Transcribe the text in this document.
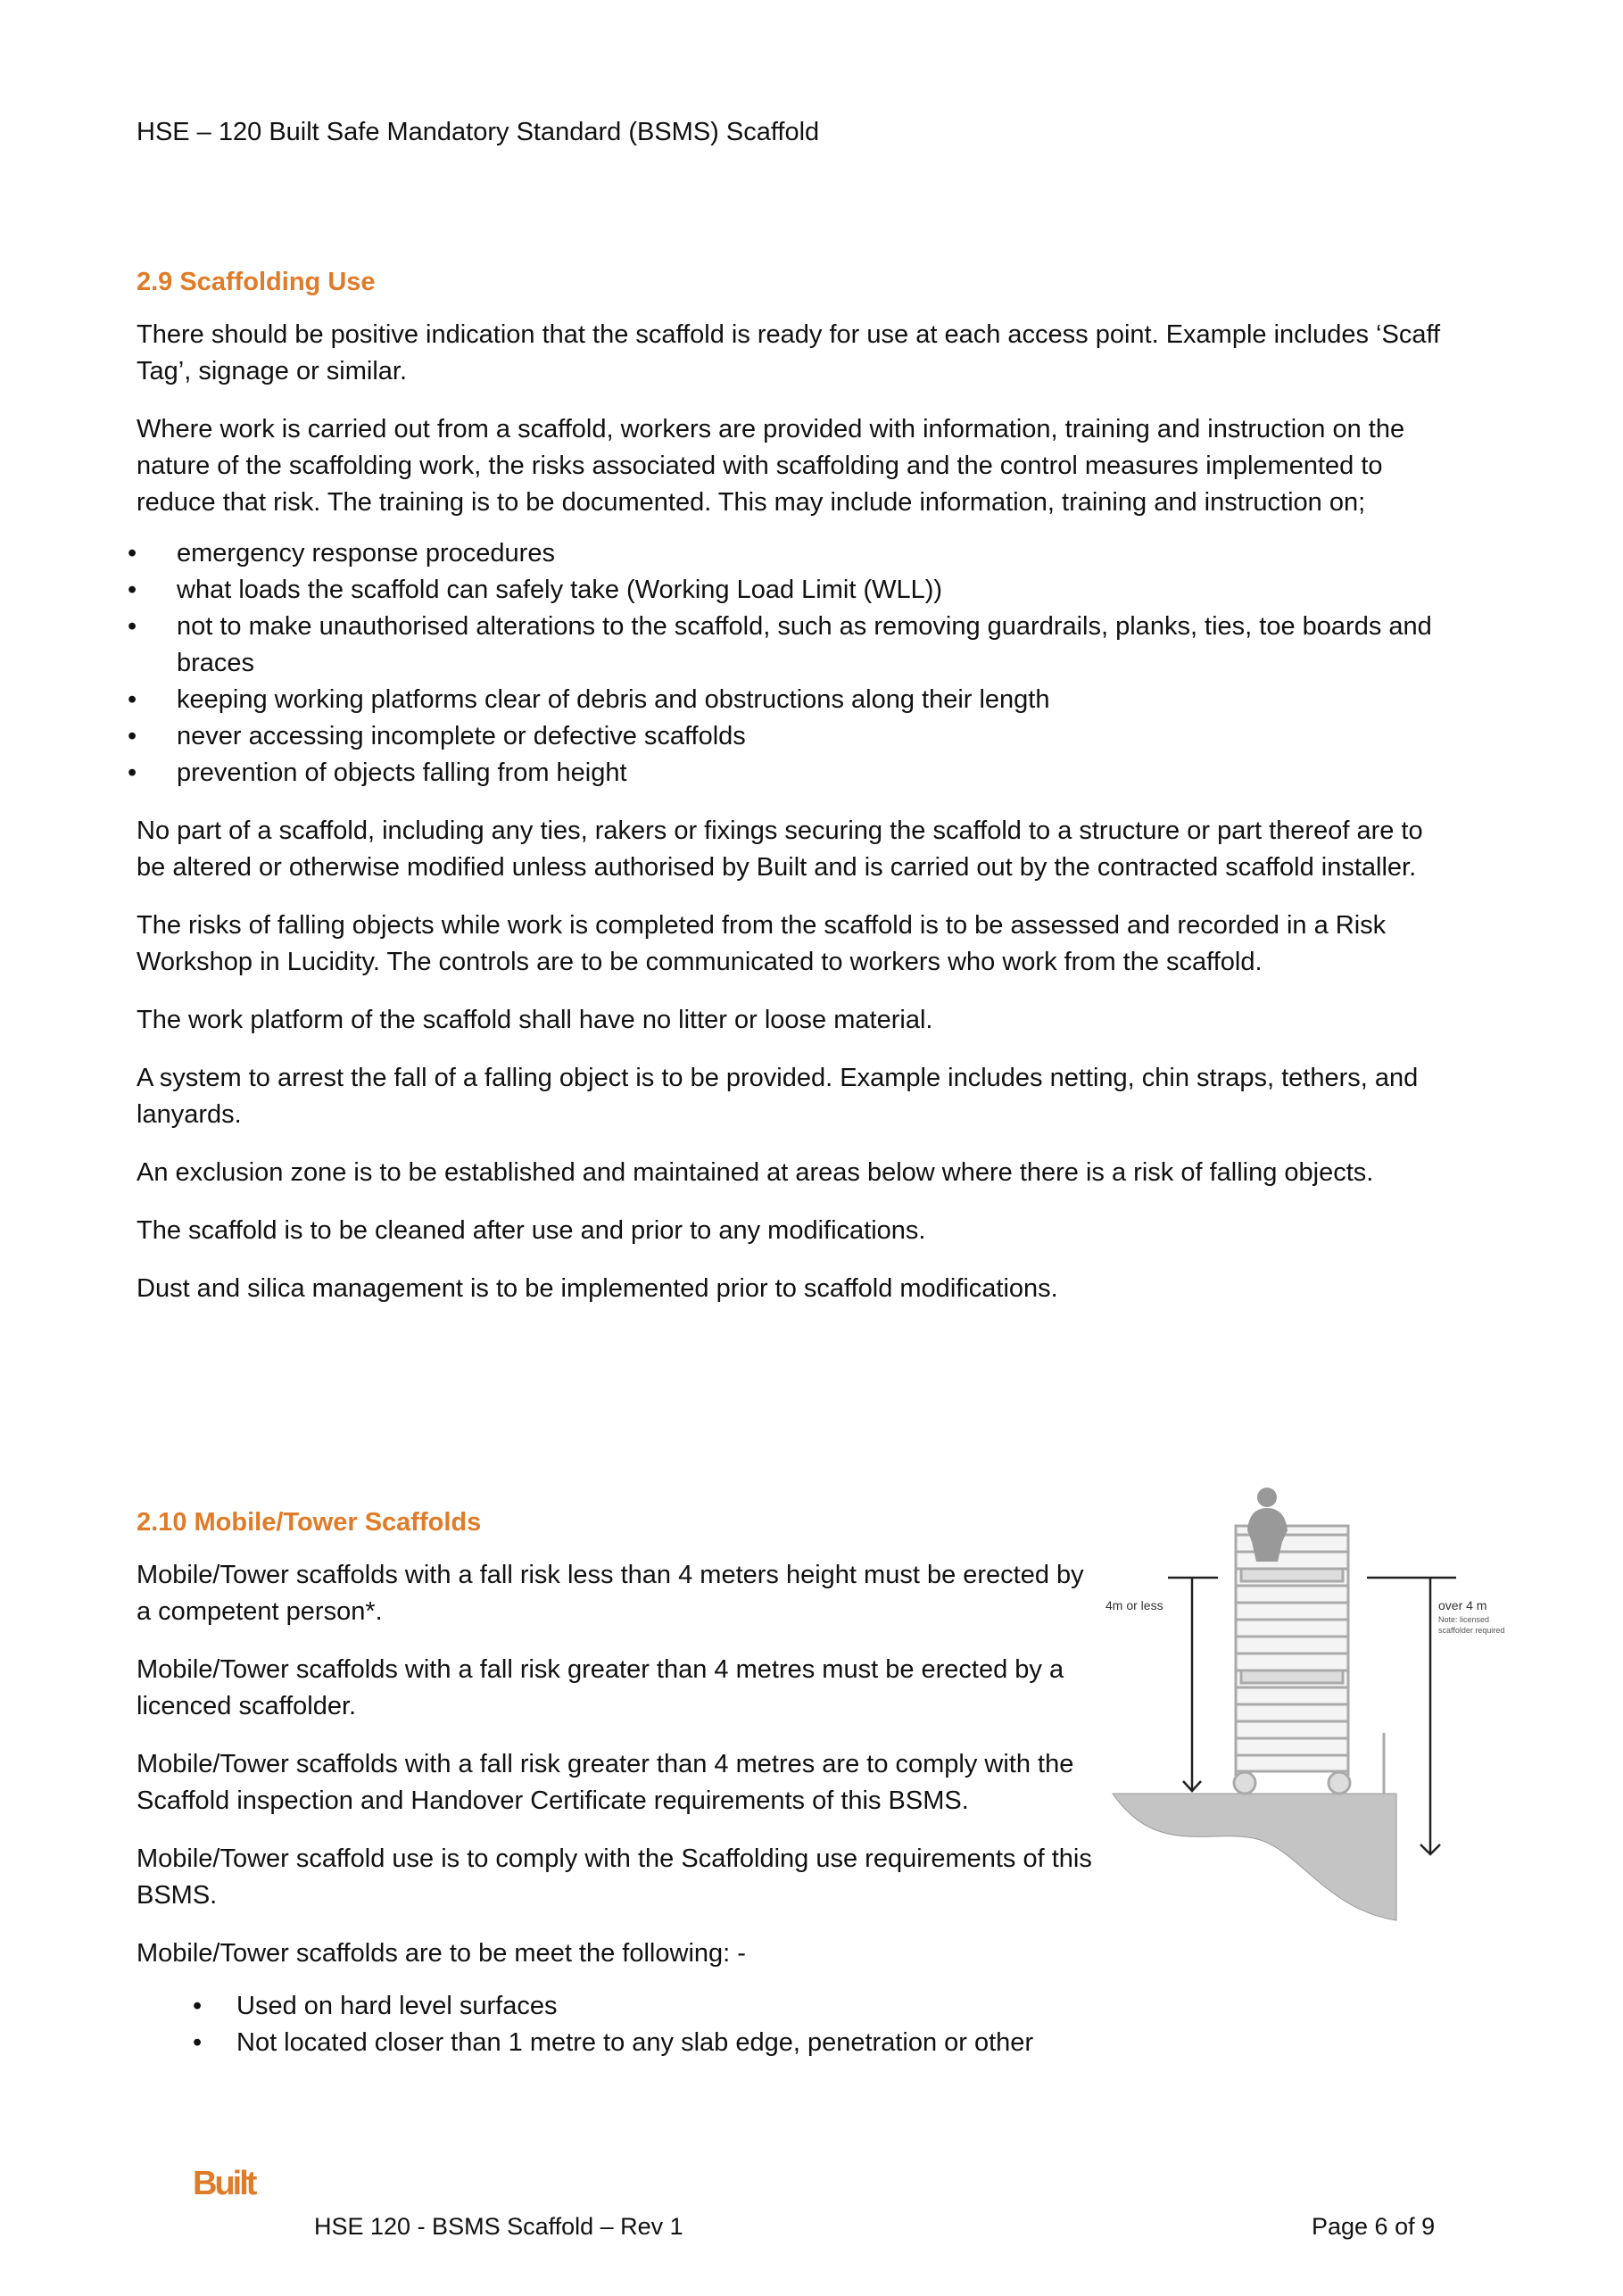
HSE – 120 Built Safe Mandatory Standard (BSMS) Scaffold
2.9 Scaffolding Use

There should be positive indication that the scaffold is ready for use at each access point. Example includes ‘Scaff Tag’, signage or similar.

Where work is carried out from a scaffold, workers are provided with information, training and instruction on the nature of the scaffolding work, the risks associated with scaffolding and the control measures implemented to reduce that risk. The training is to be documented. This may include information, training and instruction on;

• emergency response procedures
• what loads the scaffold can safely take (Working Load Limit (WLL))
• not to make unauthorised alterations to the scaffold, such as removing guardrails, planks, ties, toe boards and braces
• keeping working platforms clear of debris and obstructions along their length
• never accessing incomplete or defective scaffolds
• prevention of objects falling from height

No part of a scaffold, including any ties, rakers or fixings securing the scaffold to a structure or part thereof are to be altered or otherwise modified unless authorised by Built and is carried out by the contracted scaffold installer.

The risks of falling objects while work is completed from the scaffold is to be assessed and recorded in a Risk Workshop in Lucidity. The controls are to be communicated to workers who work from the scaffold.

The work platform of the scaffold shall have no litter or loose material.

A system to arrest the fall of a falling object is to be provided. Example includes netting, chin straps, tethers, and lanyards.

An exclusion zone is to be established and maintained at areas below where there is a risk of falling objects.

The scaffold is to be cleaned after use and prior to any modifications.

Dust and silica management is to be implemented prior to scaffold modifications.

2.10 Mobile/Tower Scaffolds

Mobile/Tower scaffolds with a fall risk less than 4 meters height must be erected by a competent person*.

Mobile/Tower scaffolds with a fall risk greater than 4 metres must be erected by a licenced scaffolder.

Mobile/Tower scaffolds with a fall risk greater than 4 metres are to comply with the Scaffold inspection and Handover Certificate requirements of this BSMS.

Mobile/Tower scaffold use is to comply with the Scaffolding use requirements of this BSMS.

Mobile/Tower scaffolds are to be meet the following: -

• Used on hard level surfaces
• Not located closer than 1 metre to any slab edge, penetration or other
4m or less	over 4 m
Note: licensed
scaffolder required
Built
HSE 120 - BSMS Scaffold – Rev 1	Page 6 of 9
